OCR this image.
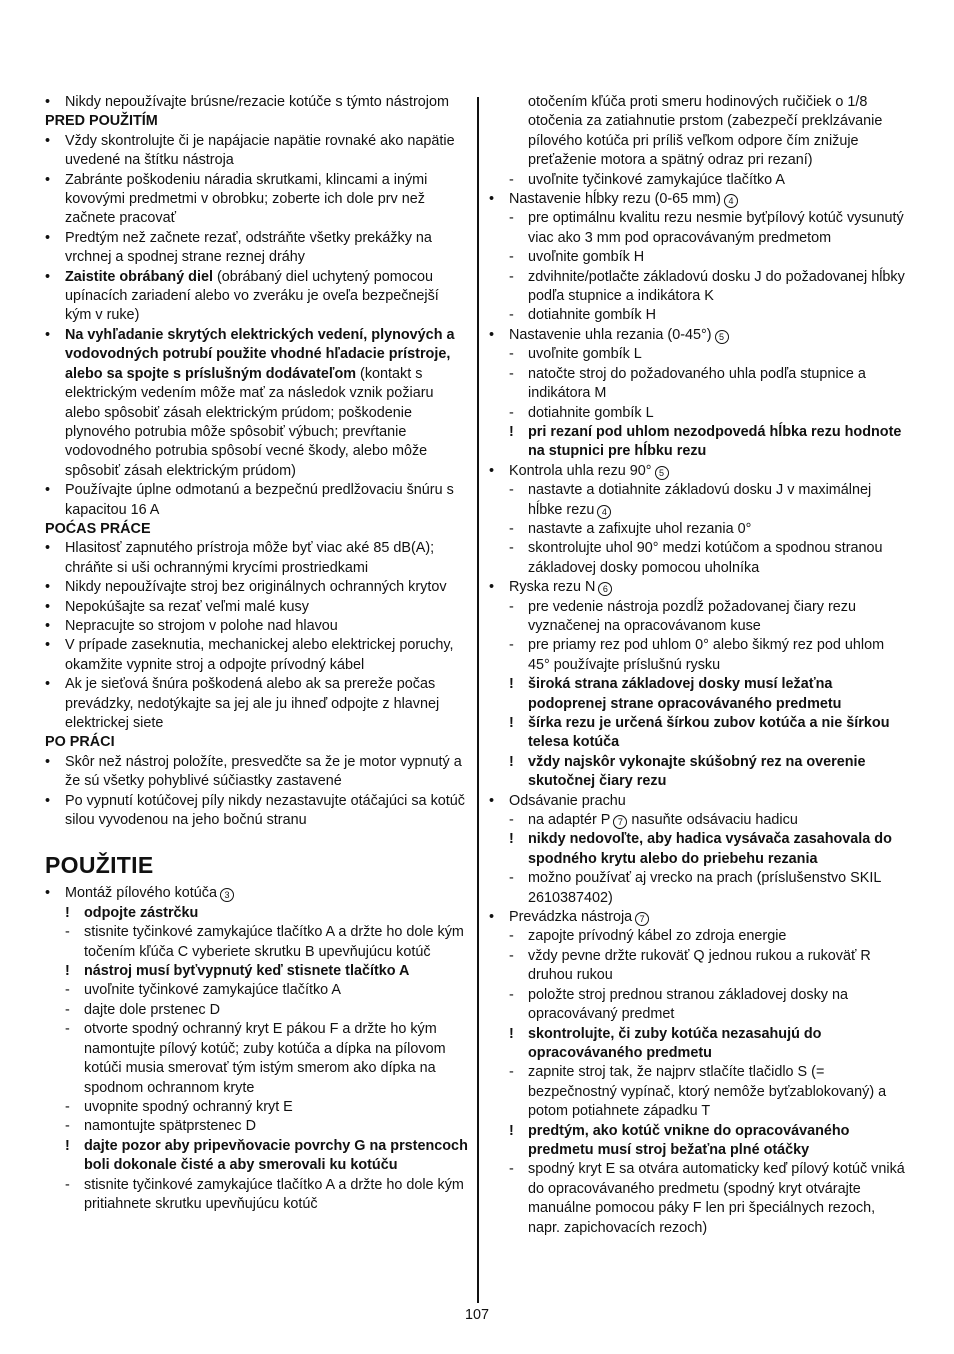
• Nikdy nepoužívajte brúsne/rezacie kotúče s týmto nástrojom
PRED POUŽITÍM
• Vždy skontrolujte či je napájacie napätie rovnaké ako napätie uvedené na štítku nástroja
• Zabránte poškodeniu náradia skrutkami, klincami a inými kovovými predmetmi v obrobku; zoberte ich dole prv než začnete pracovať
• Predtým než začnete rezať, odstráňte všetky prekážky na vrchnej a spodnej strane reznej dráhy
• Zaistite obrábaný diel (obrábaný diel uchytený pomocou upínacích zariadení alebo vo zveráku je oveľa bezpečnejší kým v ruke)
• Na vyhľadanie skrytých elektrických vedení, plynových a vodovodných potrubí použite vhodné hľadacie prístroje, alebo sa spojte s príslušným dodávateľom (kontakt s elektrickým vedením môže mať za následok vznik požiaru alebo spôsobiť zásah elektrickým prúdom; poškodenie plynového potrubia môže spôsobiť výbuch; prevŕtanie vodovodného potrubia spôsobí vecné škody, alebo môže spôsobiť zásah elektrickým prúdom)
• Používajte úplne odmotanú a bezpečnú predlžovaciu šnúru s kapacitou 16 A
POĆAS PRÁCE
• Hlasitosť zapnutého prístroja môže byť viac aké 85 dB(A); chráňte si uši ochrannými krycími prostriedkami
• Nikdy nepoužívajte stroj bez originálnych ochranných krytov
• Nepokúšajte sa rezať veľmi malé kusy
• Nepracujte so strojom v polohe nad hlavou
• V prípade zaseknutia, mechanickej alebo elektrickej poruchy, okamžite vypnite stroj a odpojte prívodný kábel
• Ak je sieťová šnúra poškodená alebo ak sa prereže počas prevádzky, nedotýkajte sa jej ale ju ihneď odpojte z hlavnej elektrickej siete
PO PRÁCI
• Skôr než nástroj položíte, presvedčte sa že je motor vypnutý a že sú všetky pohyblivé súčiastky zastavené
• Po vypnutí kotúčovej píly nikdy nezastavujte otáčajúci sa kotúč silou vyvodenou na jeho bočnú stranu
POUŽITIE
• Montáž pílového kotúča 3
! odpojte zástrčku
- stisnite tyčinkové zamykajúce tlačítko A a držte ho dole kým točením kľúča C vyberiete skrutku B upevňujúcu kotúč
! nástroj musí byťvypnutý keď stisnete tlačítko A
- uvoľnite tyčinkové zamykajúce tlačítko A
- dajte dole prstenec D
- otvorte spodný ochranný kryt E pákou F a držte ho kým namontujte pílový kotúč; zuby kotúča a dípka na pílovom kotúči musia smerovať tým istým smerom ako dípka na spodnom ochrannom kryte
- uvopnite spodný ochranný kryt E
- namontujte spätprstenec D
! dajte pozor aby pripevňovacie povrchy G na prstencoch boli dokonale čisté a aby smerovali ku kotúču
- stisnite tyčinkové zamykajúce tlačítko A a držte ho dole kým pritiahnete skrutku upevňujúcu kotúč
otočením kľúča proti smeru hodinových ručičiek o 1/8 otočenia za zatiahnutie prstom (zabezpečí preklzávanie pílového kotúča pri príliš veľkom odpore čím znižuje preťaženie motora a spätný odraz pri rezaní)
- uvoľnite tyčinkové zamykajúce tlačítko A
• Nastavenie hĺbky rezu (0-65 mm) 4
- pre optimálnu kvalitu rezu nesmie byťpílový kotúč vysunutý viac ako 3 mm pod opracovávaným predmetom
- uvoľnite gombík H
- zdvihnite/potlačte základovú dosku J do požadovanej hĺbky podľa stupnice a indikátora K
- dotiahnite gombík H
• Nastavenie uhla rezania (0-45°) 5
- uvoľnite gombík L
- natočte stroj do požadovaného uhla podľa stupnice a indikátora M
- dotiahnite gombík L
! pri rezaní pod uhlom nezodpovedá hĺbka rezu hodnote na stupnici pre hĺbku rezu
• Kontrola uhla rezu 90° 5
- nastavte a dotiahnite základovú dosku J v maximálnej hĺbke rezu 4
- nastavte a zafixujte uhol rezania 0°
- skontrolujte uhol 90° medzi kotúčom a spodnou stranou základovej dosky pomocou uholníka
• Ryska rezu N 6
- pre vedenie nástroja pozdĺž požadovanej čiary rezu vyznačenej na opracovávanom kuse
- pre priamy rez pod uhlom 0° alebo šikmý rez pod uhlom 45° používajte príslušnú rysku
! široká strana základovej dosky musí ležaťna podoprenej strane opracovávaného predmetu
! šírka rezu je určená šírkou zubov kotúča a nie šírkou telesa kotúča
! vždy najskôr vykonajte skúšobný rez na overenie skutočnej čiary rezu
• Odsávanie prachu
- na adaptér P 7 nasuňte odsávaciu hadicu
! nikdy nedovoľte, aby hadica vysávača zasahovala do spodného krytu alebo do priebehu rezania
- možno používať aj vrecko na prach (príslušenstvo SKIL 2610387402)
• Prevádzka nástroja 7
- zapojte prívodný kábel zo zdroja energie
- vždy pevne držte rukoväť Q jednou rukou a rukoväť R druhou rukou
- položte stroj prednou stranou základovej dosky na opracovávaný predmet
! skontrolujte, či zuby kotúča nezasahujú do opracovávaného predmetu
- zapnite stroj tak, že najprv stlačíte tlačidlo S (= bezpečnostný vypínač, ktorý nemôže byťzablokovaný) a potom potiahnete západku T
! predtým, ako kotúč vnikne do opracovávaného predmetu musí stroj bežaťna plné otáčky
- spodný kryt E sa otvára automaticky keď pílový kotúč vniká do opracovávaného predmetu (spodný kryt otvárajte manuálne pomocou páky F len pri špeciálnych rezoch, napr. zapichovacích rezoch)
107
